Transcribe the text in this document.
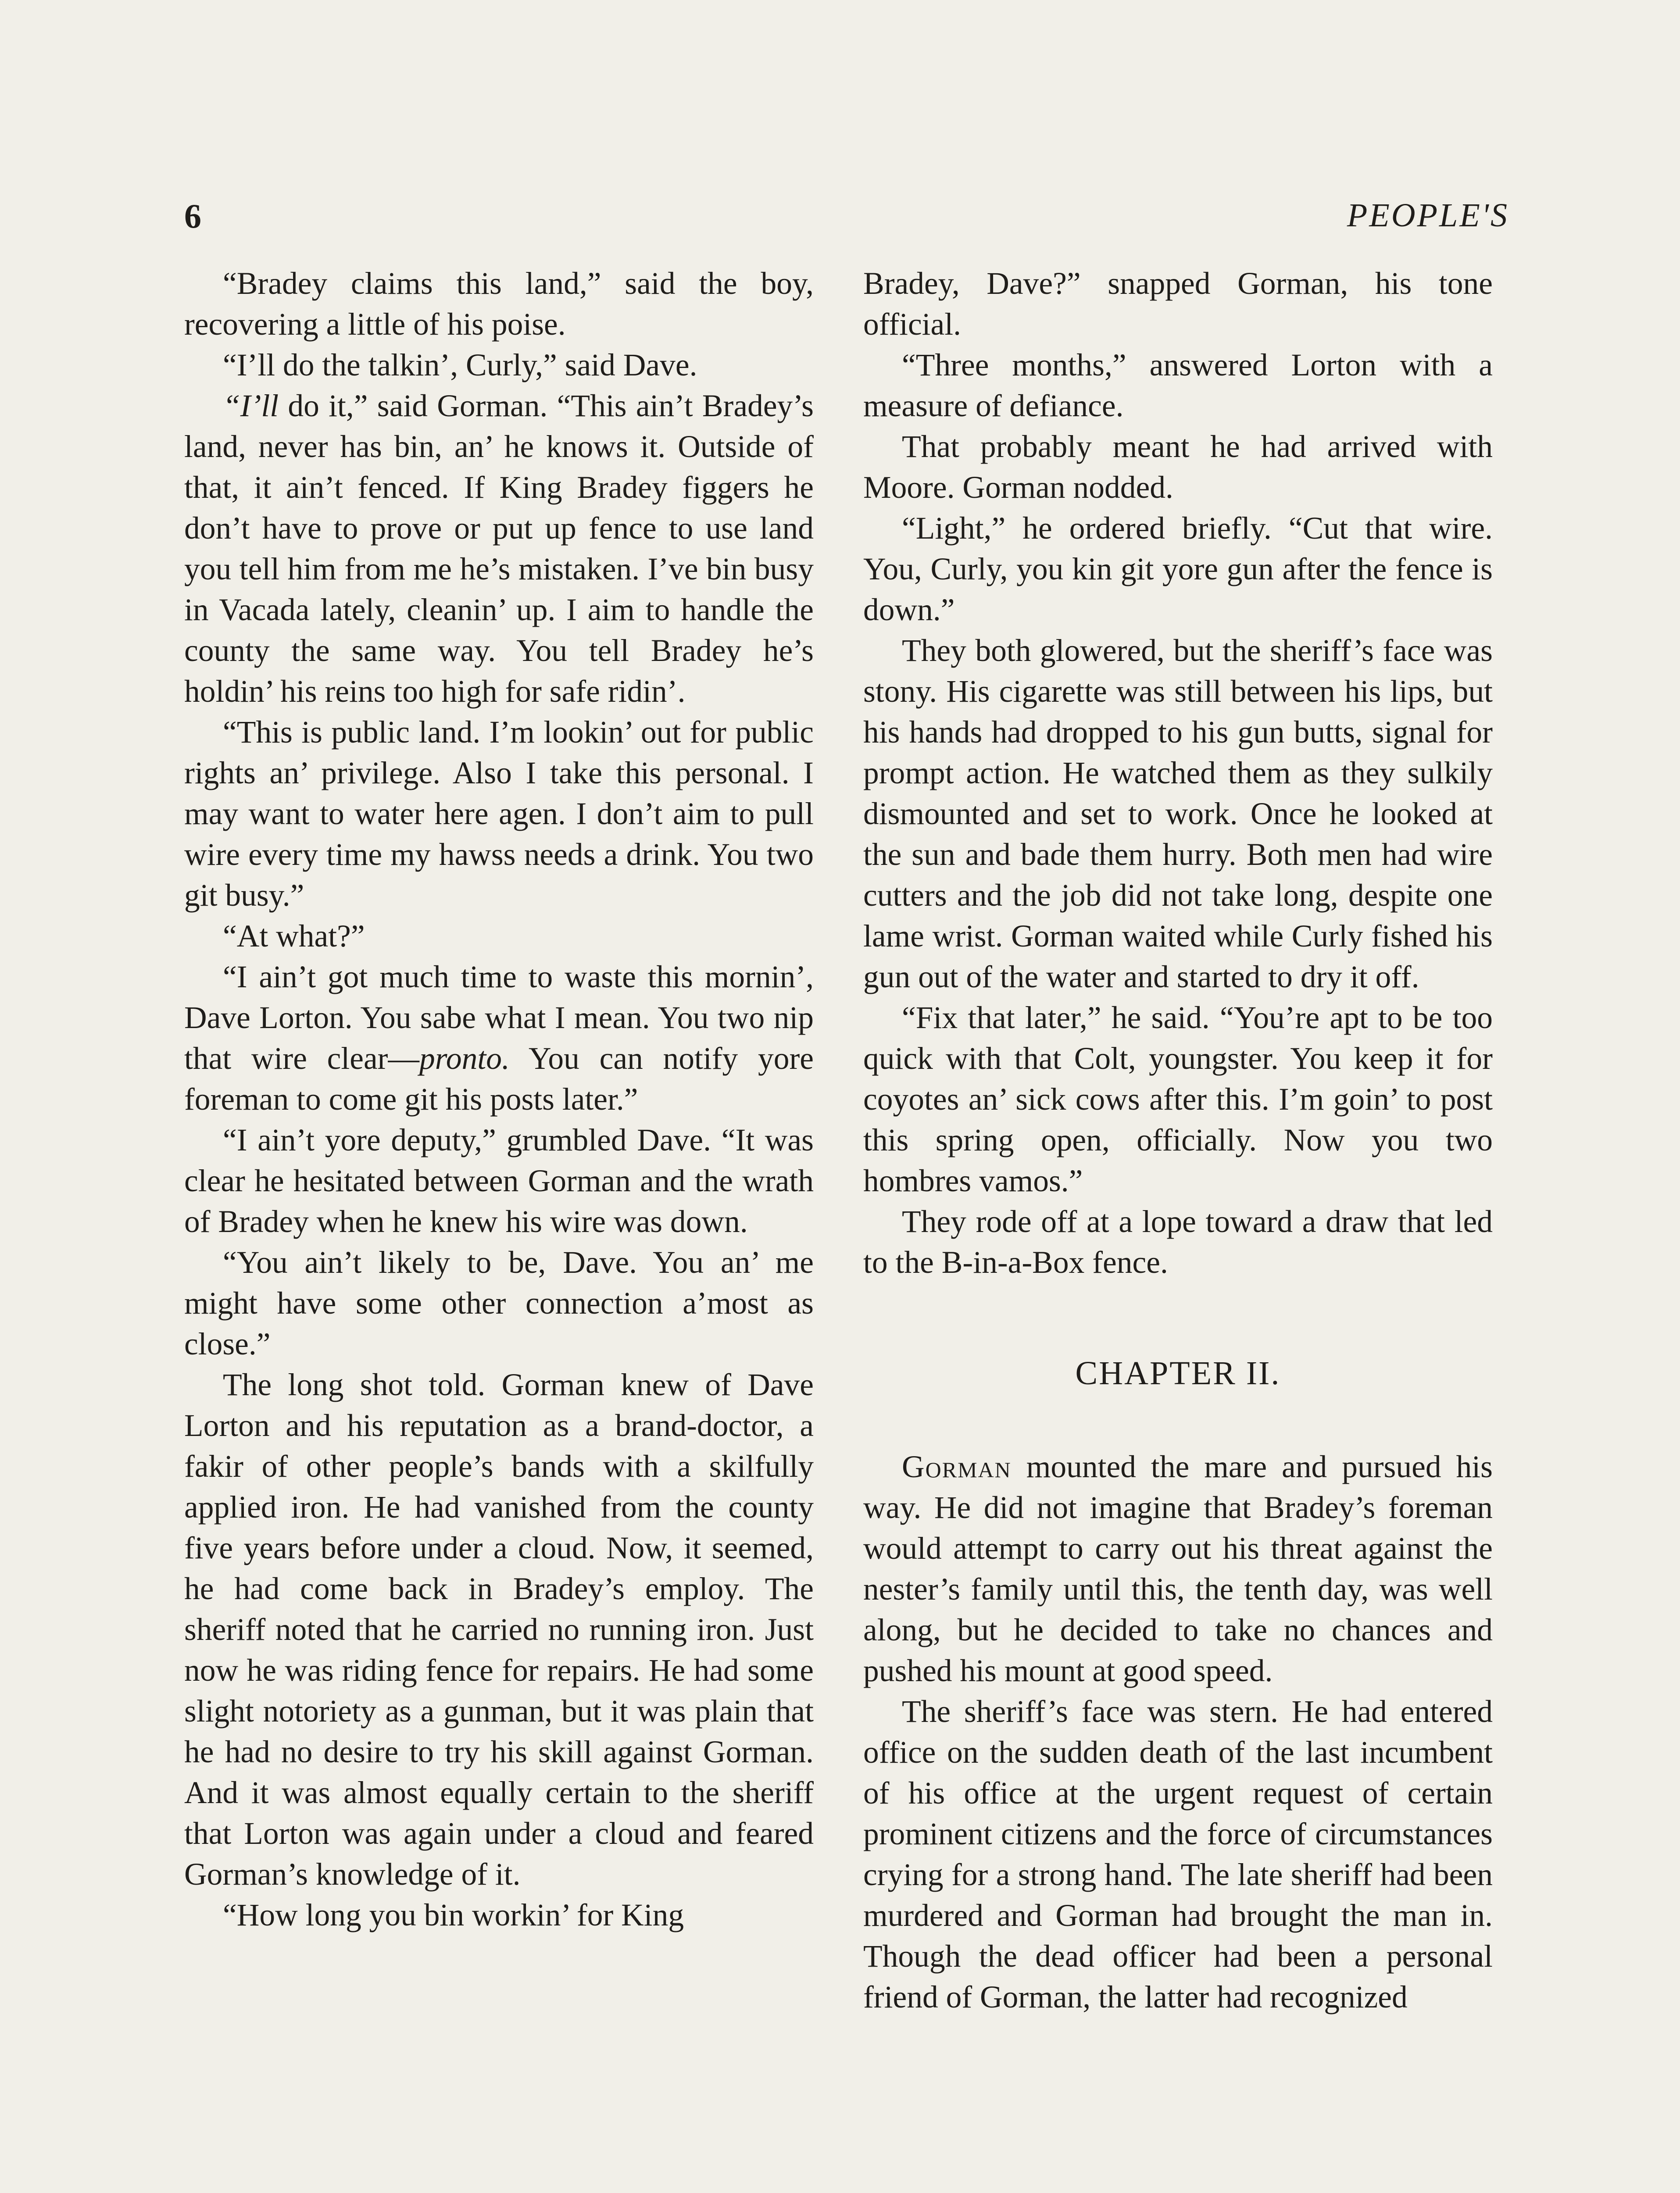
6	PEOPLE'S

“Bradey claims this land,” said the boy, recovering a little of his poise.

“I’ll do the talkin’, Curly,” said Dave.

“I’ll do it,” said Gorman. “This ain’t Bradey’s land, never has bin, an’ he knows it. Outside of that, it ain’t fenced. If King Bradey figgers he don’t have to prove or put up fence to use land you tell him from me he’s mistaken. I’ve bin busy in Vacada lately, cleanin’ up. I aim to handle the county the same way. You tell Bradey he’s holdin’ his reins too high for safe ridin’.

“This is public land. I’m lookin’ out for public rights an’ privilege. Also I take this personal. I may want to water here agen. I don’t aim to pull wire every time my hawss needs a drink. You two git busy.”

“At what?”

“I ain’t got much time to waste this mornin’, Dave Lorton. You sabe what I mean. You two nip that wire clear—pronto. You can notify yore foreman to come git his posts later.”

“I ain’t yore deputy,” grumbled Dave. “It was clear he hesitated between Gorman and the wrath of Bradey when he knew his wire was down.

“You ain’t likely to be, Dave. You an’ me might have some other connection a’most as close.”

The long shot told. Gorman knew of Dave Lorton and his reputation as a brand-doctor, a fakir of other people’s bands with a skilfully applied iron. He had vanished from the county five years before under a cloud. Now, it seemed, he had come back in Bradey’s employ. The sheriff noted that he carried no running iron. Just now he was riding fence for repairs. He had some slight notoriety as a gunman, but it was plain that he had no desire to try his skill against Gorman. And it was almost equally certain to the sheriff that Lorton was again under a cloud and feared Gorman’s knowledge of it.

“How long you bin workin’ for King

Bradey, Dave?” snapped Gorman, his tone official.

“Three months,” answered Lorton with a measure of defiance.

That probably meant he had arrived with Moore. Gorman nodded.

“Light,” he ordered briefly. “Cut that wire. You, Curly, you kin git yore gun after the fence is down.”

They both glowered, but the sheriff’s face was stony. His cigarette was still between his lips, but his hands had dropped to his gun butts, signal for prompt action. He watched them as they sulkily dismounted and set to work. Once he looked at the sun and bade them hurry. Both men had wire cutters and the job did not take long, despite one lame wrist. Gorman waited while Curly fished his gun out of the water and started to dry it off.

“Fix that later,” he said. “You’re apt to be too quick with that Colt, youngster. You keep it for coyotes an’ sick cows after this. I’m goin’ to post this spring open, officially. Now you two hombres vamos.”

They rode off at a lope toward a draw that led to the B-in-a-Box fence.

CHAPTER II.

Gorman mounted the mare and pursued his way. He did not imagine that Bradey’s foreman would attempt to carry out his threat against the nester’s family until this, the tenth day, was well along, but he decided to take no chances and pushed his mount at good speed.

The sheriff’s face was stern. He had entered office on the sudden death of the last incumbent of his office at the urgent request of certain prominent citizens and the force of circumstances crying for a strong hand. The late sheriff had been murdered and Gorman had brought the man in. Though the dead officer had been a personal friend of Gorman, the latter had recognized
